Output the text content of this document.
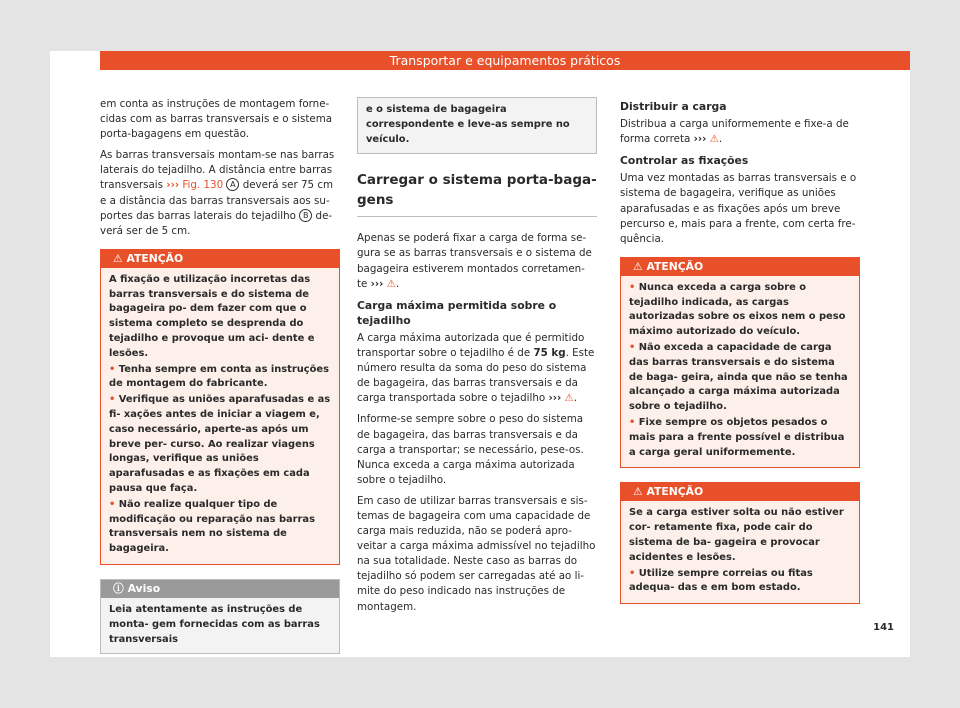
Transportar e equipamentos práticos

em conta as instruções de montagem forne- cidas com as barras transversais e o sistema porta-bagagens em questão.

As barras transversais montam-se nas barras laterais do tejadilho. A distância entre barras transversais ››› Fig. 130 A deverá ser 75 cm e a distância das barras transversais aos su- portes das barras laterais do tejadilho B de- verá ser de 5 cm.

⚠ ATENÇÃO
A fixação e utilização incorretas das barras transversais e do sistema de bagageira po- dem fazer com que o sistema completo se desprenda do tejadilho e provoque um aci- dente e lesões.
• Tenha sempre em conta as instruções de montagem do fabricante.
• Verifique as uniões aparafusadas e as fi- xações antes de iniciar a viagem e, caso necessário, aperte-as após um breve per- curso. Ao realizar viagens longas, verifique as uniões aparafusadas e as fixações em cada pausa que faça.
• Não realize qualquer tipo de modificação ou reparação nas barras transversais nem no sistema de bagageira.
ⓘ Aviso
Leia atentamente as instruções de monta- gem fornecidas com as barras transversais
e o sistema de bagageira correspondente e leve-as sempre no veículo.
Carregar o sistema porta-baga- gens

Apenas se poderá fixar a carga de forma se- gura se as barras transversais e o sistema de bagageira estiverem montados corretamen- te ››› ⚠.

Carga máxima permitida sobre o tejadilho

A carga máxima autorizada que é permitido transportar sobre o tejadilho é de 75 kg. Este número resulta da soma do peso do sistema de bagageira, das barras transversais e da carga transportada sobre o tejadilho ››› ⚠.

Informe-se sempre sobre o peso do sistema de bagageira, das barras transversais e da carga a transportar; se necessário, pese-os. Nunca exceda a carga máxima autorizada sobre o tejadilho.

Em caso de utilizar barras transversais e sis- temas de bagageira com uma capacidade de carga mais reduzida, não se poderá apro- veitar a carga máxima admissível no tejadilho na sua totalidade. Neste caso as barras do tejadilho só podem ser carregadas até ao li- mite do peso indicado nas instruções de montagem.

Distribuir a carga

Distribua a carga uniformemente e fixe-a de forma correta ››› ⚠.

Controlar as fixações

Uma vez montadas as barras transversais e o sistema de bagageira, verifique as uniões aparafusadas e as fixações após um breve percurso e, mais para a frente, com certa fre- quência.

⚠ ATENÇÃO
• Nunca exceda a carga sobre o tejadilho indicada, as cargas autorizadas sobre os eixos nem o peso máximo autorizado do veículo.
• Não exceda a capacidade de carga das barras transversais e do sistema de baga- geira, ainda que não se tenha alcançado a carga máxima autorizada sobre o tejadilho.
• Fixe sempre os objetos pesados o mais para a frente possível e distribua a carga geral uniformemente.
⚠ ATENÇÃO
Se a carga estiver solta ou não estiver cor- retamente fixa, pode cair do sistema de ba- gageira e provocar acidentes e lesões.
• Utilize sempre correias ou fitas adequa- das e em bom estado.
141
